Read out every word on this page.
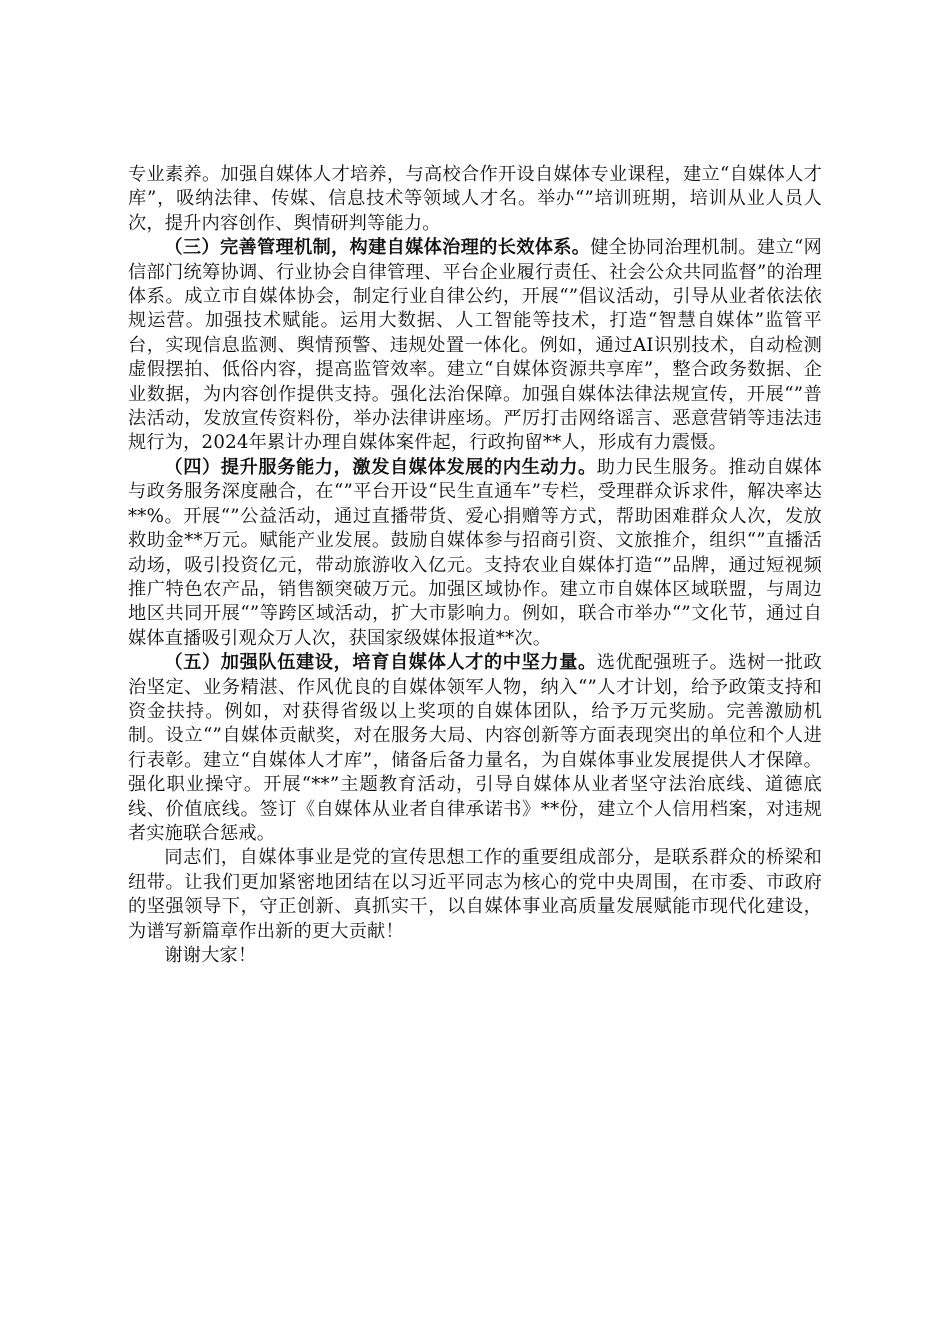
专业素养。加强自媒体人才培养，与高校合作开设自媒体专业课程，建立“自媒体人才库”，吸纳法律、传媒、信息技术等领域人才名。举办“”培训班期，培训从业人员人次，提升内容创作、舆情研判等能力。

（三）完善管理机制，构建自媒体治理的长效体系。健全协同治理机制。建立“网信部门统筹协调、行业协会自律管理、平台企业履行责任、社会公众共同监督”的治理体系。成立市自媒体协会，制定行业自律公约，开展“”倡议活动，引导从业者依法依规运营。加强技术赋能。运用大数据、人工智能等技术，打造“智慧自媒体”监管平台，实现信息监测、舆情预警、违规处置一体化。例如，通过AI识别技术，自动检测虚假摆拍、低俗内容，提高监管效率。建立“自媒体资源共享库”，整合政务数据、企业数据，为内容创作提供支持。强化法治保障。加强自媒体法律法规宣传，开展“”普法活动，发放宣传资料份，举办法律讲座场。严厉打击网络谣言、恶意营销等违法违规行为，2024年累计办理自媒体案件起，行政拘留**人，形成有力震慑。

（四）提升服务能力，激发自媒体发展的内生动力。助力民生服务。推动自媒体与政务服务深度融合，在“”平台开设“民生直通车”专栏，受理群众诉求件，解决率达**%。开展“”公益活动，通过直播带货、爱心捐赠等方式，帮助困难群众人次，发放救助金**万元。赋能产业发展。鼓励自媒体参与招商引资、文旅推介，组织“”直播活动场，吸引投资亿元，带动旅游收入亿元。支持农业自媒体打造“”品牌，通过短视频推广特色农产品，销售额突破万元。加强区域协作。建立市自媒体区域联盟，与周边地区共同开展“”等跨区域活动，扩大市影响力。例如，联合市举办“”文化节，通过自媒体直播吸引观众万人次，获国家级媒体报道**次。

（五）加强队伍建设，培育自媒体人才的中坚力量。选优配强班子。选树一批政治坚定、业务精湛、作风优良的自媒体领军人物，纳入“”人才计划，给予政策支持和资金扶持。例如，对获得省级以上奖项的自媒体团队，给予万元奖励。完善激励机制。设立“”自媒体贡献奖，对在服务大局、内容创新等方面表现突出的单位和个人进行表彰。建立“自媒体人才库”，储备后备力量名，为自媒体事业发展提供人才保障。强化职业操守。开展“**”主题教育活动，引导自媒体从业者坚守法治底线、道德底线、价值底线。签订《自媒体从业者自律承诺书》**份，建立个人信用档案，对违规者实施联合惩戒。

同志们，自媒体事业是党的宣传思想工作的重要组成部分，是联系群众的桥梁和纽带。让我们更加紧密地团结在以习近平同志为核心的党中央周围，在市委、市政府的坚强领导下，守正创新、真抓实干，以自媒体事业高质量发展赋能市现代化建设，为谱写新篇章作出新的更大贡献！

谢谢大家！
